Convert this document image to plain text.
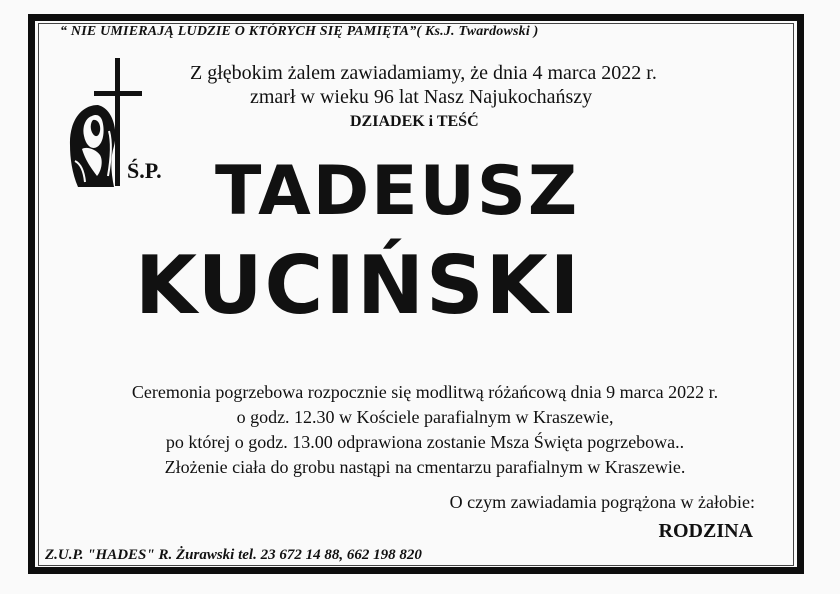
“ NIE UMIERAJĄ LUDZIE O KTÓRYCH SIĘ PAMIĘTA”( Ks.J. Twardowski )
Ś.P.
Z głębokim żalem zawiadamiamy, że dnia 4 marca 2022 r.
zmarł w wieku 96 lat Nasz Najukochańszy
DZIADEK i TEŚĆ
TADEUSZ
KUCIŃSKI
Ceremonia pogrzebowa rozpocznie się modlitwą różańcową dnia 9 marca 2022 r.
o godz. 12.30 w Kościele parafialnym w Kraszewie,
po której o godz. 13.00 odprawiona zostanie Msza Święta pogrzebowa..
Złożenie ciała do grobu nastąpi na cmentarzu parafialnym w Kraszewie.
O czym zawiadamia pogrążona w żałobie:
RODZINA
Z.U.P. "HADES" R. Żurawski tel. 23 672 14 88, 662 198 820
